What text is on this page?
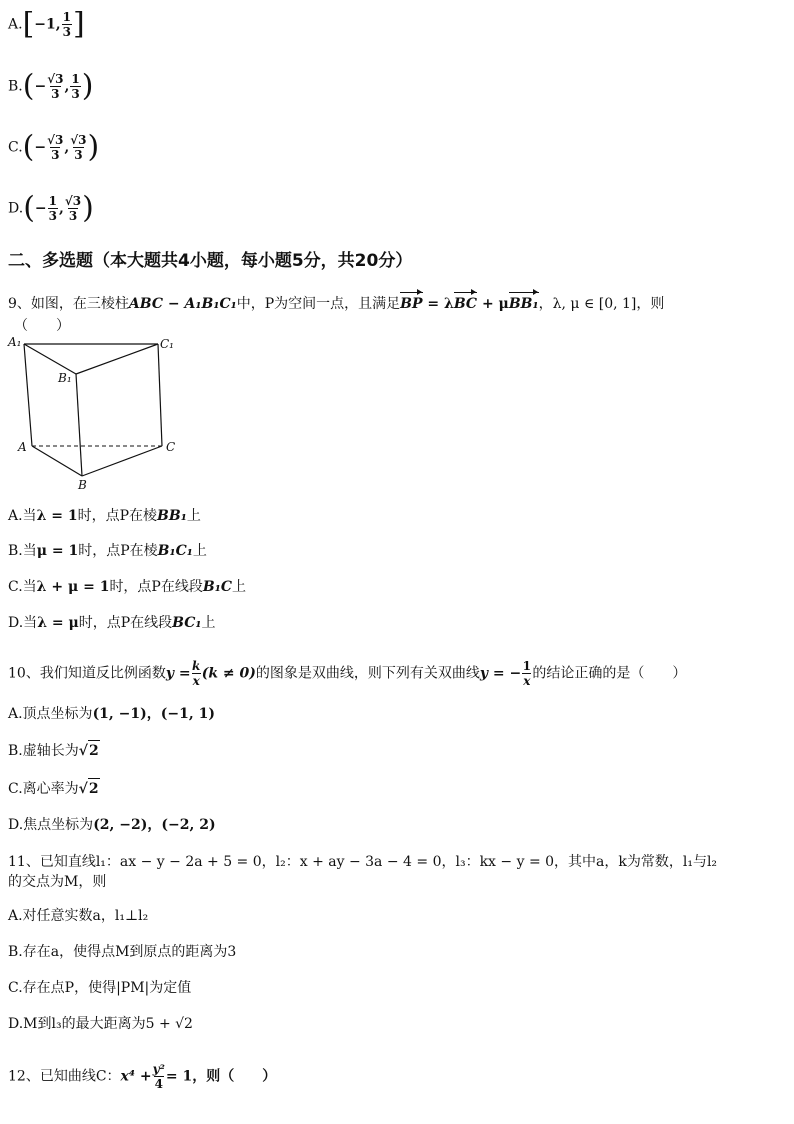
A.[−1, $\frac{1}{3}$ ]
$B.(- \frac{√3}{3}$ , $\frac{1}{3}$ )
$C.(- \frac{√3}{3}$ , $\frac{√3}{3}$ )
$D.(- \frac{1}{3}$ , $\frac{√3}{3}$ )
二、多选题（本大题共4小题，每小题5分，共20分）
9、如图，在三棱柱ABC − A₁B₁C₁中，P为空间一点，且满足BP = λBC + μBB₁，λ, μ ∈ [0, 1]，则
（　　）
A₁	C₁
B₁
A	C
B
A.当λ = 1时，点P在棱BB₁上
B.当μ = 1时，点P在棱B₁C₁上
C.当λ + μ = 1时，点P在线段B₁C上
D.当λ = μ时，点P在线段BC₁上
10、我们知道反比例函数$y = \frac{k}{x} (k \ne 0)$的图象是双曲线，则下列有关双曲线y = − $\frac{1}{x}$ 的结论正确的是（　　）
A.顶点坐标为(1, −1)，(−1, 1)
B.虚轴长为√2
C.离心率为√2
D.焦点坐标为(2, −2)，(−2, 2)
11、已知直线l₁：ax − y − 2a + 5 = 0，l₂：x + ay − 3a − 4 = 0，l₃：kx − y = 0，其中a，k为常数，l₁与l₂
的交点为M，则
A.对任意实数a，l₁⊥l₂
B.存在a，使得点M到原点的距离为3
C.存在点P，使得|PM|为定值
D.M到l₃的最大距离为5 + √2
12、已知曲线C：$x^4 + \frac{\text{y²}}{4} = 1$，则（　　）
